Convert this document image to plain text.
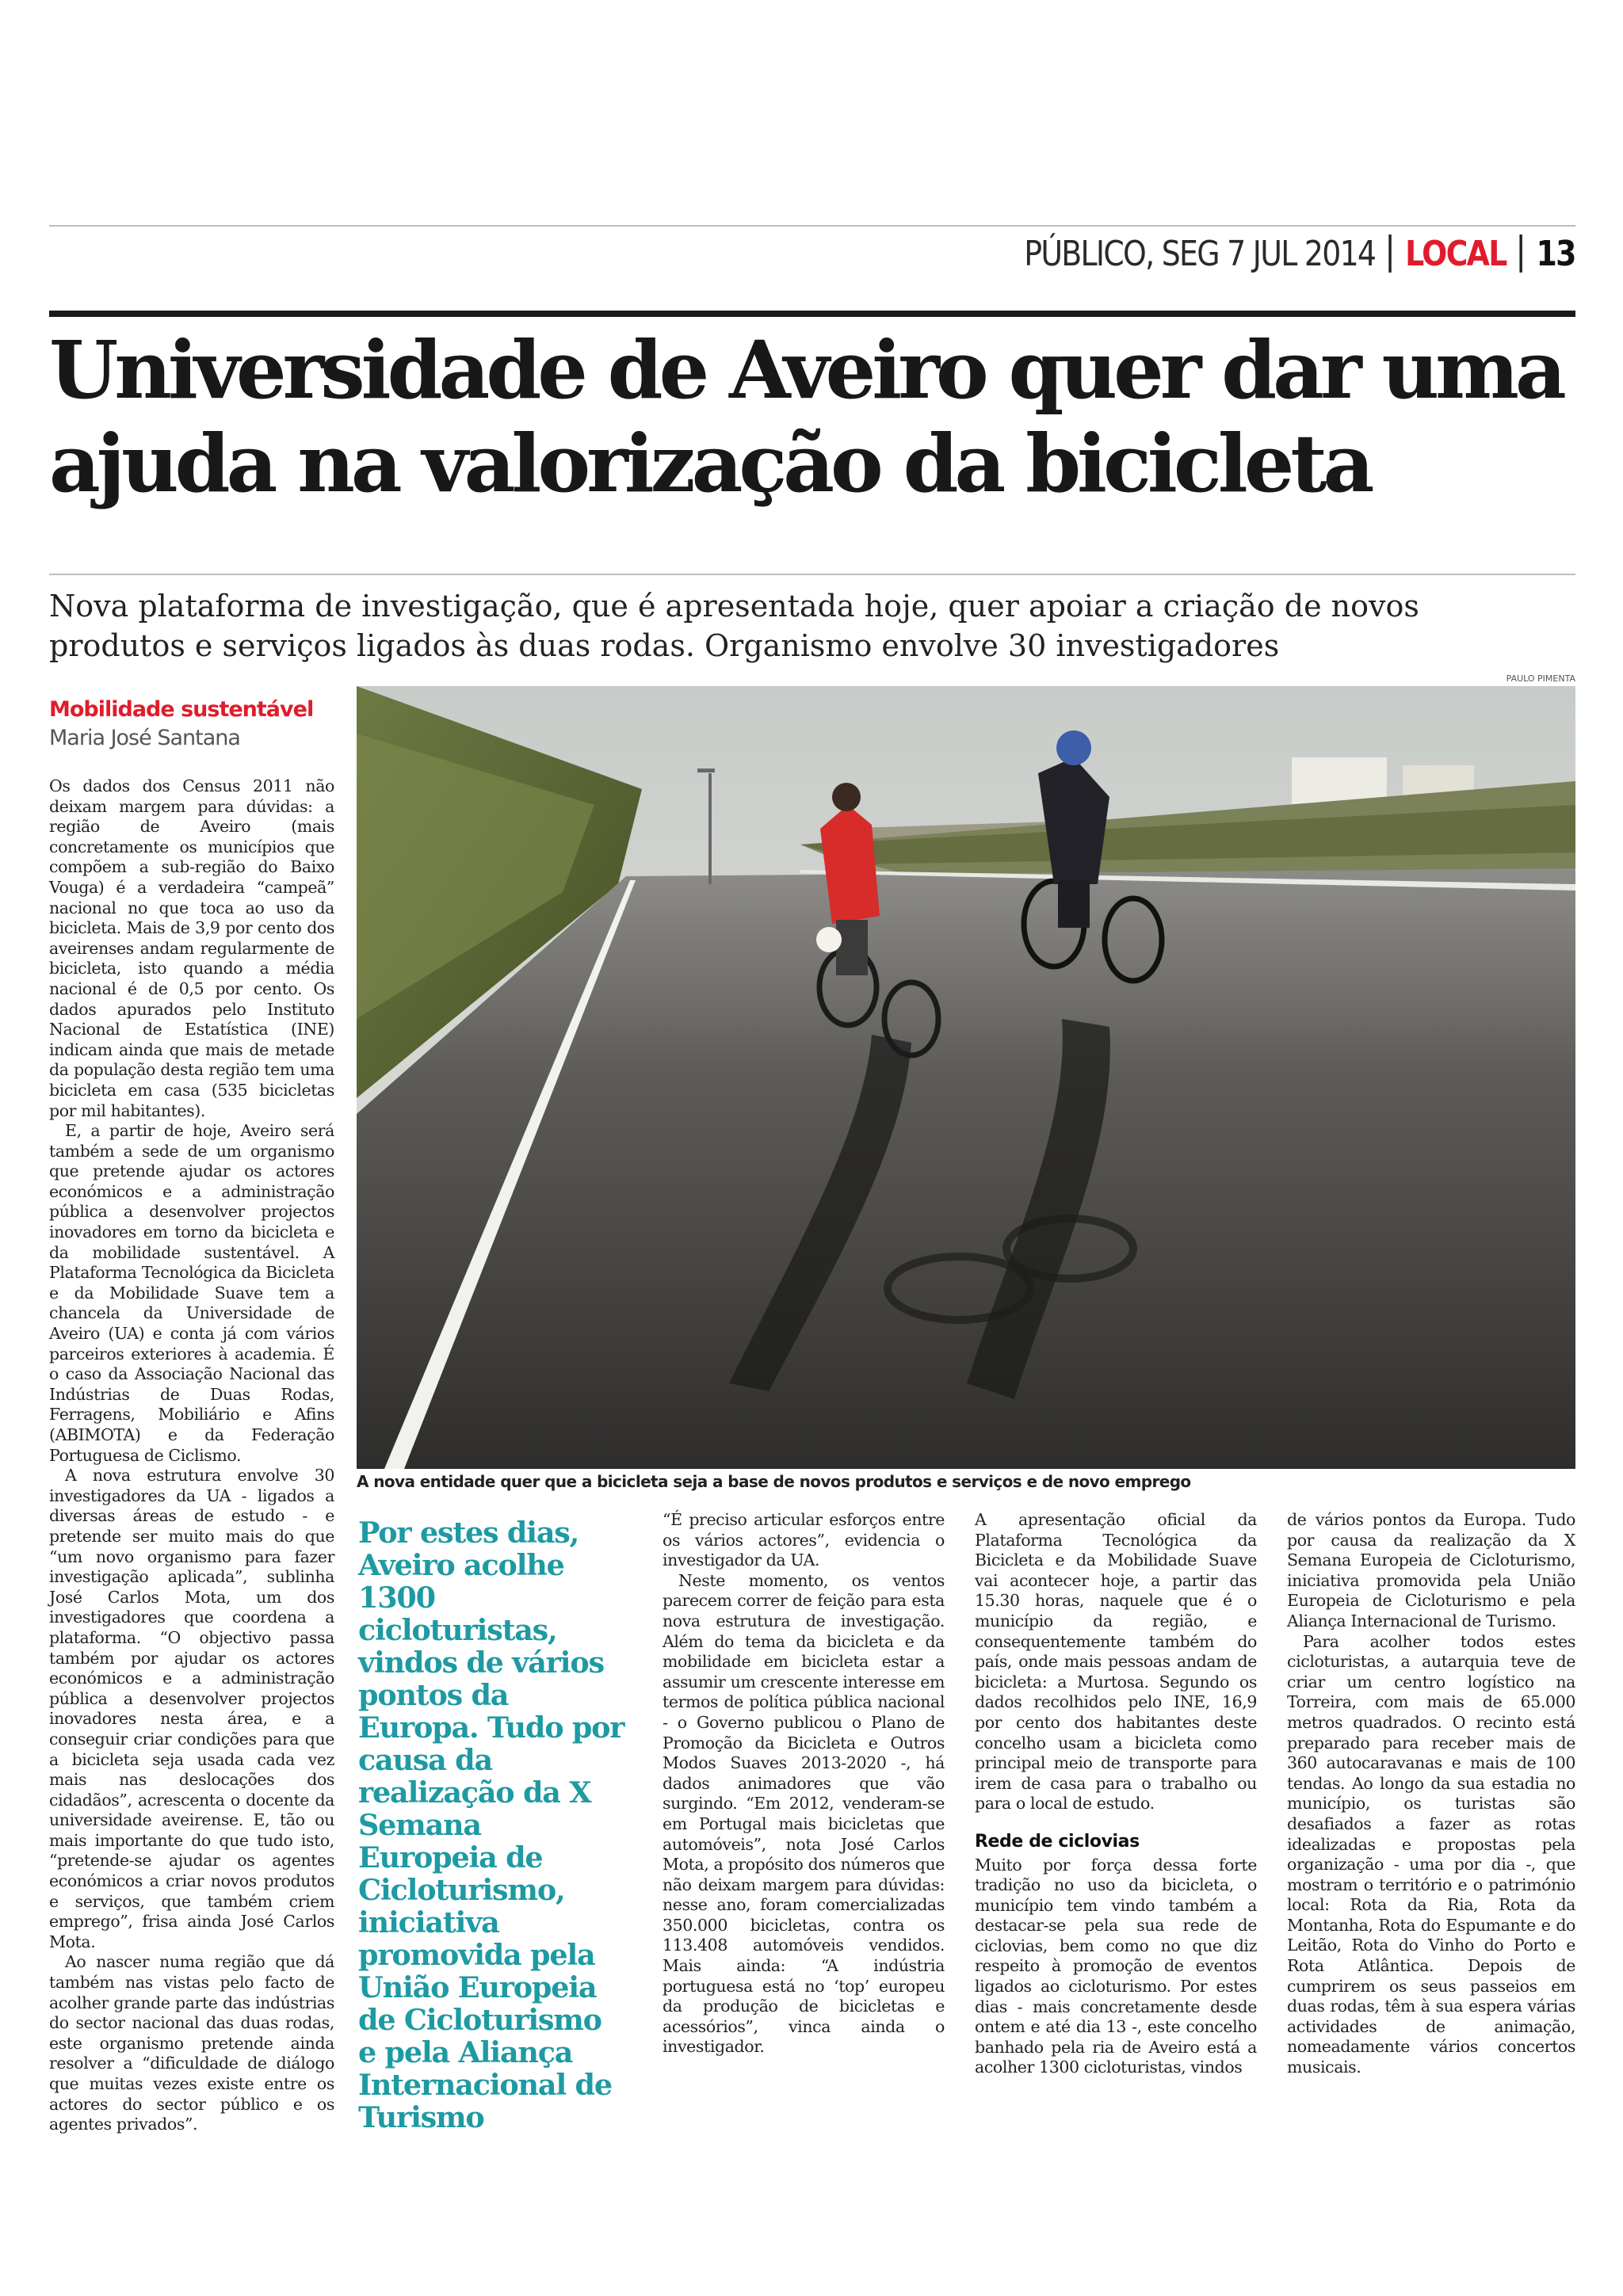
PÚBLICO, SEG 7 JUL 2014 LOCAL 13
Universidade de Aveiro quer dar uma ajuda na valorização da bicicleta

Nova plataforma de investigação, que é apresentada hoje, quer apoiar a criação de novos produtos e serviços ligados às duas rodas. Organismo envolve 30 investigadores

Mobilidade sustentável
Maria José Santana
PAULO PIMENTA
A nova entidade quer que a bicicleta seja a base de novos produtos e serviços e de novo emprego

Os dados dos Census 2011 não deixam margem para dúvidas: a região de Aveiro (mais concretamente os municípios que compõem a sub-região do Baixo Vouga) é a verdadeira “campeã” nacional no que toca ao uso da bicicleta. Mais de 3,9 por cento dos aveirenses andam regularmente de bicicleta, isto quando a média nacional é de 0,5 por cento. Os dados apurados pelo Instituto Nacional de Estatística (INE) indicam ainda que mais de metade da população desta região tem uma bicicleta em casa (535 bicicletas por mil habitantes).

E, a partir de hoje, Aveiro será também a sede de um organismo que pretende ajudar os actores económicos e a administração pública a desenvolver projectos inovadores em torno da bicicleta e da mobilidade sustentável. A Plataforma Tecnológica da Bicicleta e da Mobilidade Suave tem a chancela da Universidade de Aveiro (UA) e conta já com vários parceiros exteriores à academia. É o caso da Associação Nacional das Indústrias de Duas Rodas, Ferragens, Mobiliário e Afins (ABIMOTA) e da Federação Portuguesa de Ciclismo.

A nova estrutura envolve 30 investigadores da UA - ligados a diversas áreas de estudo - e pretende ser muito mais do que “um novo organismo para fazer investigação aplicada”, sublinha José Carlos Mota, um dos investigadores que coordena a plataforma. “O objectivo passa também por ajudar os actores económicos e a administração pública a desenvolver projectos inovadores nesta área, e a conseguir criar condições para que a bicicleta seja usada cada vez mais nas deslocações dos cidadãos”, acrescenta o docente da universidade aveirense. E, tão ou mais importante do que tudo isto, “pretende-se ajudar os agentes económicos a criar novos produtos e serviços, que também criem emprego”, frisa ainda José Carlos Mota.

Ao nascer numa região que dá também nas vistas pelo facto de acolher grande parte das indústrias do sector nacional das duas rodas, este organismo pretende ainda resolver a “dificuldade de diálogo que muitas vezes existe entre os actores do sector público e os agentes privados”.

Por estes dias, Aveiro acolhe 1300 cicloturistas, vindos de vários pontos da Europa. Tudo por causa da realização da X Semana Europeia de Cicloturismo, iniciativa promovida pela União Europeia de Cicloturismo e pela Aliança Internacional de Turismo

“É preciso articular esforços entre os vários actores”, evidencia o investigador da UA.

Neste momento, os ventos parecem correr de feição para esta nova estrutura de investigação. Além do tema da bicicleta e da mobilidade em bicicleta estar a assumir um crescente interesse em termos de política pública nacional - o Governo publicou o Plano de Promoção da Bicicleta e Outros Modos Suaves 2013-2020 -, há dados animadores que vão surgindo. “Em 2012, venderam-se em Portugal mais bicicletas que automóveis”, nota José Carlos Mota, a propósito dos números que não deixam margem para dúvidas: nesse ano, foram comercializadas 350.000 bicicletas, contra os 113.408 automóveis vendidos. Mais ainda: “A indústria portuguesa está no ‘top’ europeu da produção de bicicletas e acessórios”, vinca ainda o investigador.

A apresentação oficial da Plataforma Tecnológica da Bicicleta e da Mobilidade Suave vai acontecer hoje, a partir das 15.30 horas, naquele que é o município da região, e consequentemente também do país, onde mais pessoas andam de bicicleta: a Murtosa. Segundo os dados recolhidos pelo INE, 16,9 por cento dos habitantes deste concelho usam a bicicleta como principal meio de transporte para irem de casa para o trabalho ou para o local de estudo.

Rede de ciclovias

Muito por força dessa forte tradição no uso da bicicleta, o município tem vindo também a destacar-se pela sua rede de ciclovias, bem como no que diz respeito à promoção de eventos ligados ao cicloturismo. Por estes dias - mais concretamente desde ontem e até dia 13 -, este concelho banhado pela ria de Aveiro está a acolher 1300 cicloturistas, vindos

de vários pontos da Europa. Tudo por causa da realização da X Semana Europeia de Cicloturismo, iniciativa promovida pela União Europeia de Cicloturismo e pela Aliança Internacional de Turismo.

Para acolher todos estes cicloturistas, a autarquia teve de criar um centro logístico na Torreira, com mais de 65.000 metros quadrados. O recinto está preparado para receber mais de 360 autocaravanas e mais de 100 tendas. Ao longo da sua estadia no município, os turistas são desafiados a fazer as rotas idealizadas e propostas pela organização - uma por dia -, que mostram o território e o património local: Rota da Ria, Rota da Montanha, Rota do Espumante e do Leitão, Rota do Vinho do Porto e Rota Atlântica. Depois de cumprirem os seus passeios em duas rodas, têm à sua espera várias actividades de animação, nomeadamente vários concertos musicais.
